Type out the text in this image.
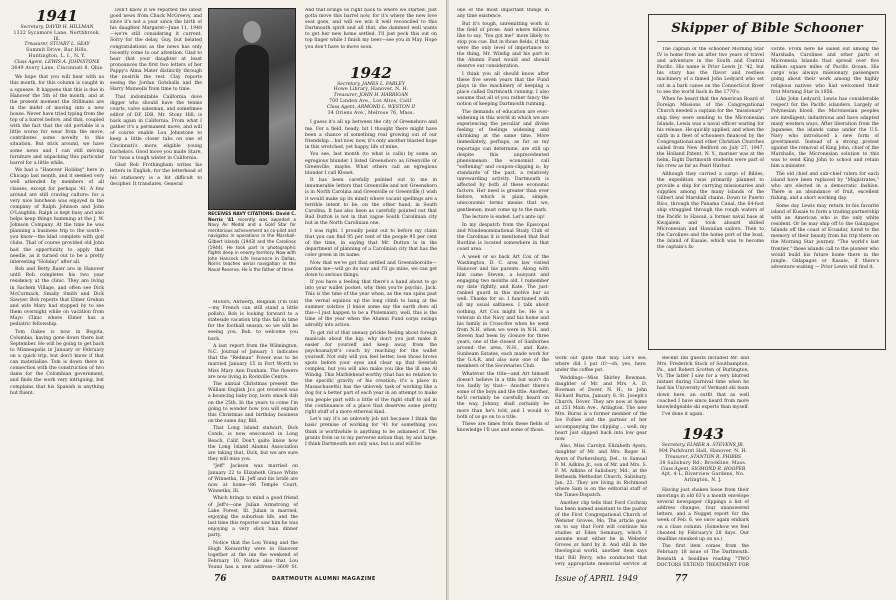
1941
Secretary, DAVID H. HILLMAN
1332 Sycamore Lane, Northbrook, Ill.
Treasurer, STUART L. SEAY
Summit Drive, Bar Hills,
Huntington, L. I., N. Y.
Class Agent, LEWIS A. JOHNSTONE
3649 Avery Lane, Cincinnati 8, Ohio

We hope that you will hear with us this month, for this column is caught in a squeeze. It happens that this is due in Hanover the 5th of the month, and at the present moment the Stillmans are in the midst of moving into a new house. Never have tried typing from the top of a barrel before, and that, coupled with the fact that the old portable is a little worse for wear from the move, contributes some novelty to this situation. But stick around, we have some news and I can still moving furniture and unpacking this particular barrel for a little while.

We had a "Hanover Holiday" here in Chicago last month, and it seemed very well attended by members of all classes, except for perhaps '41. A few around are still craving culture: for a very nice luncheon was enjoyed in the company of Ralph Johnson and John O'Laughlin. Ralph is kept busy and also helps keep things humming at the J. W. Johnson Company. At the time he was planning a business trip to the south—you know—the kind complete with golf clubs. That of course provided old John had the opportunity to apply that needle, as it turned out to be a pretty interesting "Holiday" after all.

Bob and Betty Baier are in Hanover until Bob completes his two year residency at the clinic. They are living in Sachem Village, and often see Dick McCormack, Smally Smith and Dick Sawyer. Bob reports that Elmer Grehan and wife Mary had stopped by to see them overnight while on vacation from Mayo Clinic where Elmer has a pediatric fellowship.

Tom Oakes is now in Bogota, Colombia, having gone down there last September. He will be going to get back to Minneapolis in January or February on a quick trip, but don't know if that can materialize. Tom is down there in connection with the construction of two dams for the Colombian government, and finds the work very intriguing, but complains that his Spanish is anything but fluent.

Don't know if we reported the latest good news from Chuck McGreevy, and since it's not a year since the birth of his daughter Margaret—June 11, 1948—we're still considering it current. Sorry for the delay, Guy, but belated congratulations as the news has only recently come to our attention. Glad to hear that your daughter at least pronounces the first two letters of her Pappy's Alma Mater distinctly through the nostrils the rest. Clay reports seeing the Jordan Gotshalls and the Harry Maxwells from time to time.

That indomitable California dove digger who should have the tennis courts, valve salesman, and sometimes editor of DF IDB, Mr. Stony Hill, is back again in California. From what I gather it's a permanent move, and will of course enable Lou Johnstone to keep a little closer tabs on one of Cincinnati's more eligible young bachelors. Good move you made Stare, for 'twas a tough winter in California.

Glad Bob Frothingham writes his letters in English, for the letterhead of his stationery is a bit difficult to decipher. It translates, General

RECEIVES NAVY CITATIONS: David C. Norris '41 recently was awarded a Navy Air Medal and a Gold Star for meritorious achievement as co-pilot and navigator in operations in the Marshall-Gilbert Islands (1943) and the Carolines (1944). He took part in photographic flights deep in enemy territory. Now with John Hancock Life Insurance in Dallas, Norris teaches aerial navigation in the Naval Reserve. He is the father of three.

Motors, Antwerp, Belgium (I'm told—my French can still stand a little polish). Bob is looking forward to a stateside vacation trip this fall in time for the football season, so we will be seeing you, Bob, to welcome you back.

A last report from the Wilmington, N.C. Journal of January 1 indicates that the "Redman" Power was to be married January 15 in Fort Worth to Miss Mary Ann Dunham. The flowers are now living in Rockville Centre.

The annual Christmas present the William English Jr.s got received was a bouncing baby boy, born smack dab on the 25th. In the years to come I'm going to wonder how you will explain this Christmas and birthday business on the same day, Bill.

That Long Island stalwart, Dick Conds, is now ensconced in Long Beach, Calif. Don't quite know how the Long Island Alumni Association are taking that, Dick, but we are sure they will miss you.

"Jeff" Jackson was married on January 22 to Elizabeth Grace White of Winnetka, Ill. Jeff and his bride are now at home—86 Temple Court, Winnetka, Ill.

Which brings to mind a good friend of Jeff's—one Julian Armstrong of Lake Forest, Ill. Julian is married, enjoying the suburban life, and the last time this reporter saw him he was enjoying a very slick luau dinner party.

Notice that the Lou Young and the Hugh Kenworthy were in Hanover together at the inn the weekend of February 10. Notice also that Lou Young has a new address—3609 St.

And that brings us right back to where we started. Just gotta move this barrel now, for it's where the new love seat goes, and will we win it well reconciled to this Dartmouth spirit and all that, she dammed well wants to get her new home settled. I'll just peck this out on top finger while I finish my beer—see you in May. Hope you don't have to move soon.

1942
Secretary, JAMES L. FARLEY
Howe Library, Hanover, N. H.
Treasurer, JOHN H. HARRIGAN
700 Linden Ave., Los Altos, Calif.
Class Agent, ARMOND L. WESTON II
34 Oriens Ave., Melrose 76, Mass.

I guess it's all up between the city of Greensboro and me. For a field, heady, bit I thought there might have been a chance of something real growing out of our friendship... but now, now, it's only another blasted hope in this wretched, yet happy, life of mine.

You see, last month (to what is calls) by some an egregious blunder I listed Greensboro as Greenville or Greenville, maybe. What others call an egregious blunder I call Klonet.

It has been carefully pointed out to me in innumerable letters that Greenville and not Greensboro is in North Carolina and Greenville or Greenville (I wish it would make up its mind) where vacant spellings are a terrible intent to be, on the other hand, in South Carolina. It has also been as carefully pointed out that Bud Dutton is not in that vague South Carolinian city but in the North Carolinian one.

I was right. I proudly point out to before my claim that you can find 95 per cent of the people 95 per cent of the time, in saying that Mr. Dutton is in the department of planning of a Carolinian city that has the color green in its name.

Now that we've got that settled and Greensborolite—pardon me—will go its way and I'll go mine, we can get down to serious things.

If you have a feeling that there's a hand about to go into your wallet pocket, why then you're psychic, Jack. This is the time of the year when, as the sun spins past the vernal equinox up the long climb to hang at the summer solstice (I know some say the earth does all this—I just happen to be a Ptolemaist), well, this is the time of the year when the Alumni Fund corps swings adroitly into action.

To get rid of that uneasy prickle feeling about foreign manicals about the hip, why don't you just make it easier for yourself and keep away from the psychoanalyst's couch by reaching for the wallet yourself. Not only will you feel better, lose those brows spots before your eyes and clear up that feverish complex, but you will also make you like the ill one Al Windig. This Marblehead worthy (that has no relation to the specific gravity of his creation; it's a place in Massachusetts) has the unlovely task of working like a dog for a better part of each year in an attempt to make you people part with a little of the right stuff to aid in the continuance of a place that deserves some pretty right stuff of a more ethereal kind.

Let's say it's an unlovely job not because I think the basic premise of working for '41 for something you think is worthwhile is anything to be ashamed of. The grants from us to my perverse notion that, by and large, I think Dartmouth not only was, but is and will be

76	DARTMOUTH ALUMNI MAGAZINE

one of the most important things in any time existence.

But it's tough, unremitting work in the field of prose. And where fellows like to say, 'You got me!' more likely to stop you cue. But in those fields, if that were the only level of importance to the thing, Mr. Windig and his part in the Alumni Fund would and should deserve our consideration.

I think you all should know after these five seven years that the Fund plays in the machinery of keeping a place called Dartmouth running. I also assume that all of you rather fancy the notion of keeping Dartmouth running.

The demands of education are ever-widening in this world in which we are experiencing the peculiar and divine feeling of feelings widening and shrinking at the same time. More immediately, perhaps, as far as my reportage can determine, are still up despite this unprecedented phenomenon the economist call "softening" and coupon-clipping is, by standards of the past, a relatively unrewarding activity. Dartmouth is affected by both of these economic factors. Her need is greater than ever before, which is plain, simple, uneconomic terms means that we, gentlemen, must come up to the mark.

The lecture is ended. Let's ante up!

In my despatch from the Episcopal and Nondenominational Study Club of the Carolinas it is mentioned that Bud Burdine is located somewhere in that coast area.

A week or so back Art Cox of the Washington, D. C. area law visited Hanover and his parents. Along with him came Steven, a buoyant and engaging two months old. I remember my date rightly, and Kate. The just-ranked guard in this motive bar as well. Thanks for so. I functioned with all my usual saltiness. I talk about nothing. Art Cox might be. He is a veteran in the Navy and his home and his family in Cross-fire when he went from N.H. when we were in N.H. and Steven had been by closure for three years, one of the closest of Sanbornes around the area, N.H., and Kate. Sunbeam Estates, each made work for the G.A.R. and also now one of the members of the Secretaries Club.

Whatever the title—and Art himself doesn't believe in a title but won't do too badly by that— Another there's some of the boys and the title. Another, he'll certainly be carefully heard on the way, Johnny, shall certainly be more than he's told, and I would to both of us go on to a title.

These are times from these fields of knowledge I'll use and some of those.

work out quite that way. Let's see, where did I put it?—oh, yes, here, under the coffee pot.

Weddings—Miss Shirley Bowman, daughter of Mr. and Mrs. A. D. Bowman of Dover, N. H., to John Richard Burns, January 8, St. Joseph's Church, Dover. They are now at home at 251 Main Ave., Arlington. The new Mrs. Burns is a former member of the Ice Follies and the partner of her accompanying the clipping ... well, my heart just slipped back into low gear now.

Also, Miss Carolyn Elizabeth Ayers, daughter of Mr. and Mrs. Roger H. Ayers of Parkersburg, Del., to Samuel F. M. Adkins Jr., son of Mr. and Mrs. S. F. M. Adkins of Salisbury, Md., at the Bethesda Methodist Church, Salisbury, Jan. 22. They are living in Richmond where Sam is on the editorial staff of the Times-Dispatch.

Another clip tells that Ford Cochran has been named assistant to the pastor of the First Congregational Church of Webster Groves, Mo. The article goes on to say that Ford will continue his studies at Eden Seminary, which I assume must either be in Webster Groves or hard by it. And still in the theological world, another item says that Bill Perry, who conducted that very appropriate memorial service at

Recent Inn guests included Mr. and Mrs. Frederick Stock of Southampton, Pa., and Robert Scotten of Burlington, Vt. The latter I saw for a very blurred instant during Carnival time when he had his University of Vermont ski team down here, an outfit that as well coached I have since heard from more knowledgeable ski experts than myself.

I've done it again.

1943
Secretary, ELMER A. STEVENS JR.
904 Parkhurst Hall, Hanover, N. H.
Treasurer, STANTON R. PHIBBS
38 Salisbury Rd., Brookline, Mass.
Class Agent, SIGMOND R. HOOPER
Apt. 4-L, Riverview Gardens, No. Arlington, N. J.

Having just shaken loose from their moorings in old 63's a month envelope several newspaper clippings a list of address changes, four unanswered letters, and a Nugget report for the week of Feb. 6, we once again embark on a class column. (Somehow we feel cheated by February's 28 days. Our deadline sneaked up on us.)

The first item comes from the February 18 issue of The Dartmouth. Beneath a headline reading "TWO DOCTORS EXTEND TREATMENT FOR

Skipper of Bible Schooner

The captain of the schooner Morning Star IV is home from an after two years of travel and adventure in the South and Central Pacific. His name is Prior Lewis Jr. '42, but his story has the flavor and restless machinery of a famed John Ledyard who set out in a bark canoe on the Connecticut River to see the world back in the 1770's.

When he heard that the American Board of Foreign Missions of the Congregational Church needed a captain for the "missionary" ship they were sending to the Micronesian Islands, Lewis was a naval officer waiting for his release. He quickly applied, and when the sixth in a fleet of schooners financed by the Congregational and other Christian Churches sailed from New Bedford on July 27, 1947, the Holland Patent, N. Y., mariner was at the helm. Eight Dartmouth students were part of his crew as far as Pearl Harbor.

Although they carried a cargo of Bibles, the expedition was primarily planned to provide a ship for carrying missionaries and supplies among the many islands of the Gilbert and Marshall chains. Down to Puerto Rico, through the Panama Canal, the 64-foot ship struggled through the rough waters of the Pacific to Hawaii, a former naval base at Kwajalein and took aboard skilled Micronesian and Hawaiian sailors. Then to the Carolines and the home port of the boat, the Island of Kusaie, which was to become the captain's fa-

vorite. From here he sailed out among the Marshalls, Carolines and other parts of Micronesia Islands that spread over five million square miles of Pacific Ocean. His cargo was always missionary passengers going about their work among the highly religious natives who had welcomed their first Morning Star in 1856.

Like John Ledyard, Lewis has considerable respect for the Pacific islanders. Largely of Polynesian blood, the Micronesian peoples are intelligent, industrious and have adapted many western ways. After liberation from the Japanese, the islands came under the U.S. Navy who introduced a new form of government. Instead of a strong protest against the removal of King John, chief of the Marshalls, the Micronesian solution to this was to send King John to school and retain him a minister.

The old chief and sub-chief rulers for each island have been replaced by "Magistrates," who are elected in a democratic fashion. There is an abundance of fruit, excellent fishing, and a short working day.

Some day Lewis may return to his favorite island of Kusaie to form a trading partnership with an American who is the only white resident. Or he may ship off to the Galapagos Islands off the coast of Ecuador, lured to the memory of their beauty from his trip there on the Morning Star journey. "The world's last frontier," these islands call to the pioneer who would build his future home there in the jungle. Galapagos or Kusaie, if there's adventure waiting — Prior Lewis will find it.

Issue of APRIL 1949	77
